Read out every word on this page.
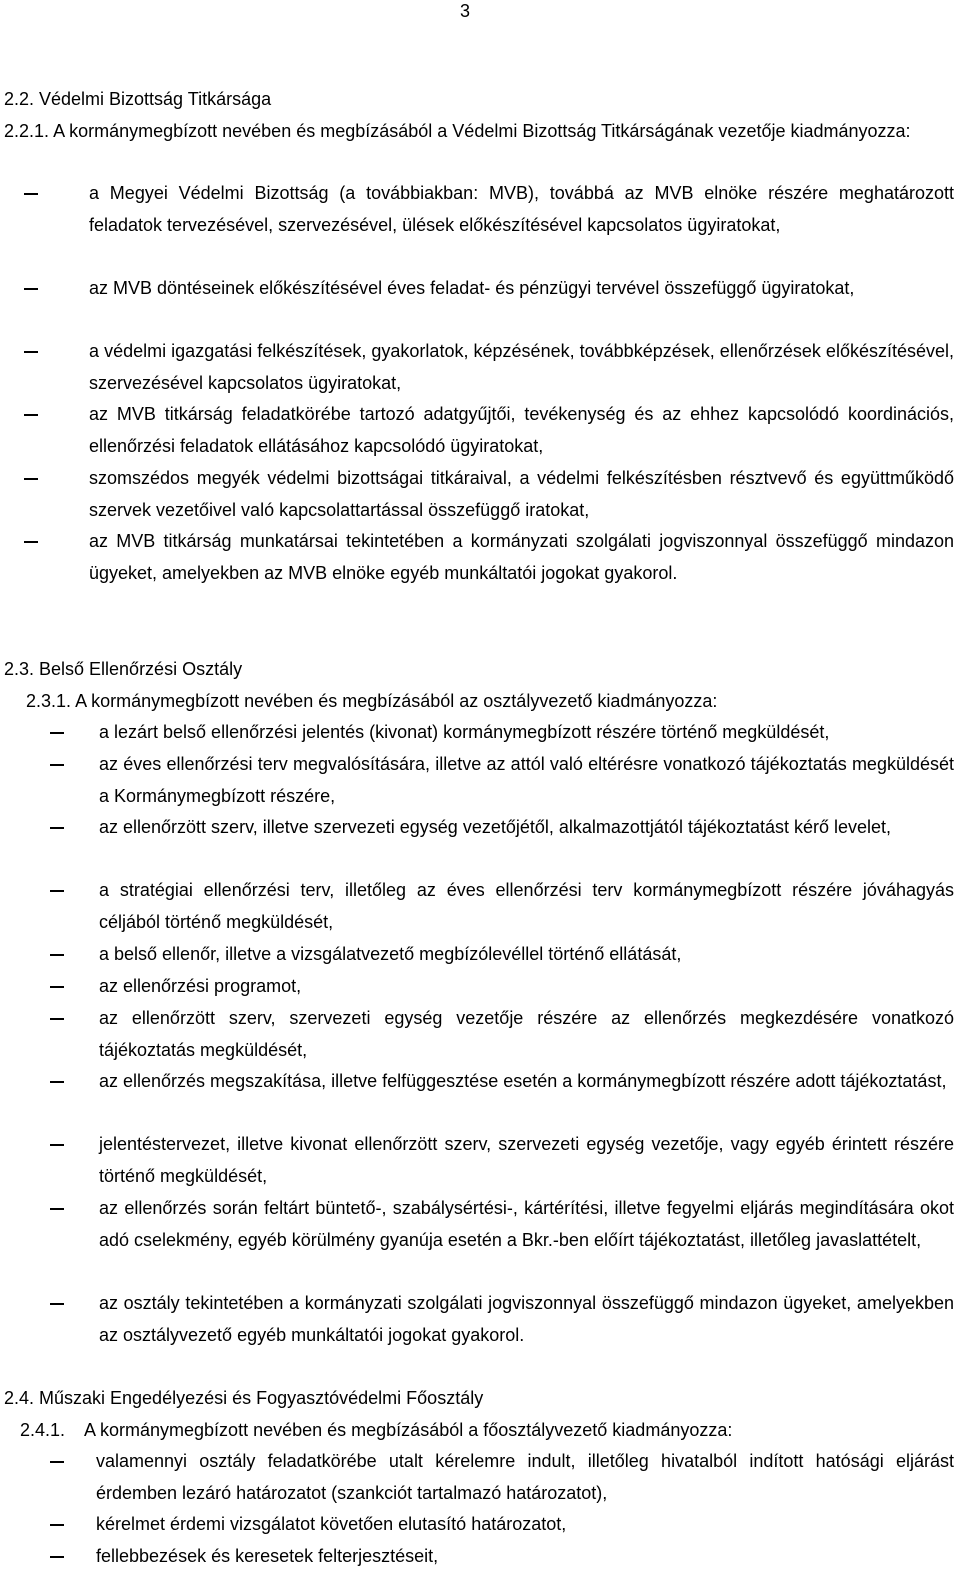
3
2.2. Védelmi Bizottság Titkársága
2.2.1. A kormánymegbízott nevében és megbízásából a Védelmi Bizottság Titkárságának vezetője kiadmányozza:
a Megyei Védelmi Bizottság (a továbbiakban: MVB), továbbá az MVB elnöke részére meghatározott feladatok tervezésével, szervezésével, ülések előkészítésével kapcsolatos ügyiratokat,
az MVB döntéseinek előkészítésével éves feladat- és pénzügyi tervével összefüggő ügyiratokat,
a védelmi igazgatási felkészítések, gyakorlatok, képzésének, továbbképzések, ellenőrzések előkészítésével, szervezésével kapcsolatos ügyiratokat,
az MVB titkárság feladatkörébe tartozó adatgyűjtői, tevékenység és az ehhez kapcsolódó koordinációs, ellenőrzési feladatok ellátásához kapcsolódó ügyiratokat,
szomszédos megyék védelmi bizottságai titkáraival, a védelmi felkészítésben résztvevő és együttműködő szervek vezetőivel való kapcsolattartással összefüggő iratokat,
az MVB titkárság munkatársai tekintetében a kormányzati szolgálati jogviszonnyal összefüggő mindazon ügyeket, amelyekben az MVB elnöke egyéb munkáltatói jogokat gyakorol.
2.3. Belső Ellenőrzési Osztály
2.3.1. A kormánymegbízott nevében és megbízásából az osztályvezető kiadmányozza:
a lezárt belső ellenőrzési jelentés (kivonat) kormánymegbízott részére történő megküldését,
az éves ellenőrzési terv megvalósítására, illetve az attól való eltérésre vonatkozó tájékoztatás megküldését a Kormánymegbízott részére,
az ellenőrzött szerv, illetve szervezeti egység vezetőjétől, alkalmazottjától tájékoztatást kérő levelet,
a stratégiai ellenőrzési terv, illetőleg az éves ellenőrzési terv kormánymegbízott részére jóváhagyás céljából történő megküldését,
a belső ellenőr, illetve a vizsgálatvezető megbízólevéllel történő ellátását,
az ellenőrzési programot,
az ellenőrzött szerv, szervezeti egység vezetője részére az ellenőrzés megkezdésére vonatkozó tájékoztatás megküldését,
az ellenőrzés megszakítása, illetve felfüggesztése esetén a kormánymegbízott részére adott tájékoztatást,
jelentéstervezet, illetve kivonat ellenőrzött szerv, szervezeti egység vezetője, vagy egyéb érintett részére történő megküldését,
az ellenőrzés során feltárt büntető-, szabálysértési-, kártérítési, illetve fegyelmi eljárás megindítására okot adó cselekmény, egyéb körülmény gyanúja esetén a Bkr.-ben előírt tájékoztatást, illetőleg javaslattételt,
az osztály tekintetében a kormányzati szolgálati jogviszonnyal összefüggő mindazon ügyeket, amelyekben az osztályvezető egyéb munkáltatói jogokat gyakorol.
2.4. Műszaki Engedélyezési és Fogyasztóvédelmi Főosztály
2.4.1. A kormánymegbízott nevében és megbízásából a főosztályvezető kiadmányozza:
valamennyi osztály feladatkörébe utalt kérelemre indult, illetőleg hivatalból indított hatósági eljárást érdemben lezáró határozatot (szankciót tartalmazó határozatot),
kérelmet érdemi vizsgálatot követően elutasító határozatot,
fellebbezések és keresetek felterjesztéseit,
